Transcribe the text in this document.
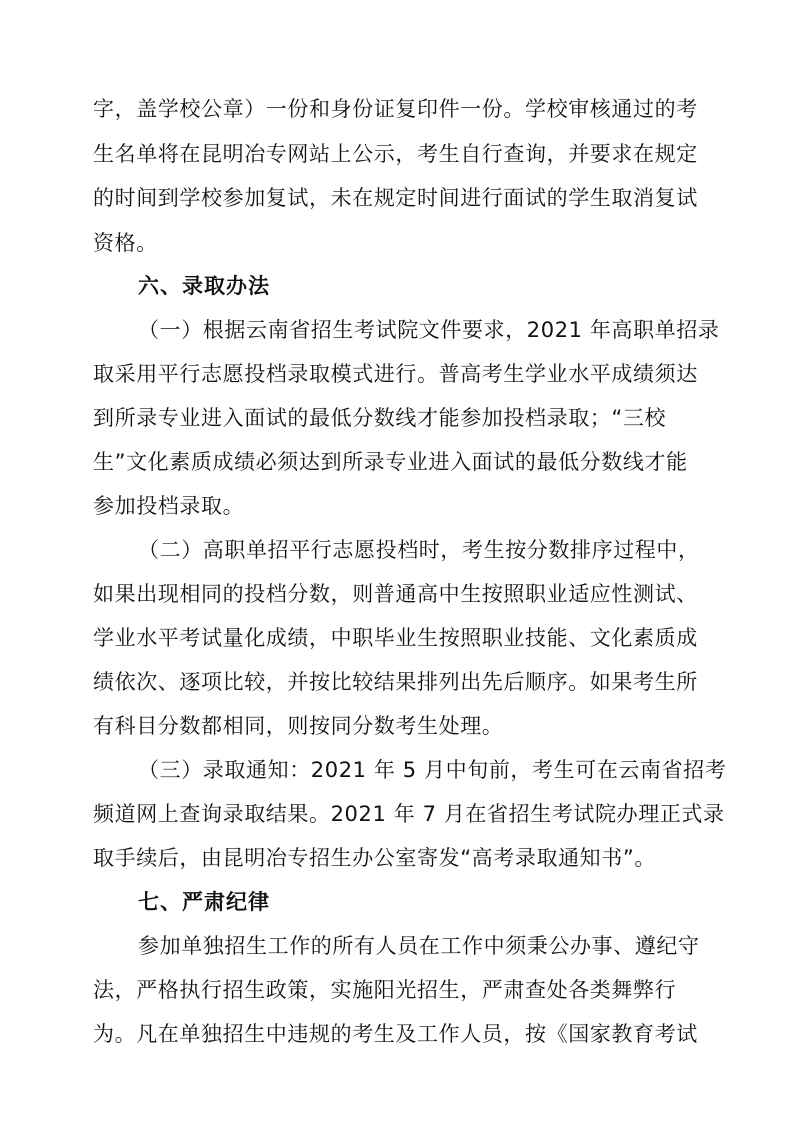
字，盖学校公章）一份和身份证复印件一份。学校审核通过的考
生名单将在昆明冶专网站上公示，考生自行查询，并要求在规定
的时间到学校参加复试，未在规定时间进行面试的学生取消复试
资格。
六、录取办法
（一）根据云南省招生考试院文件要求，2021 年高职单招录
取采用平行志愿投档录取模式进行。普高考生学业水平成绩须达
到所录专业进入面试的最低分数线才能参加投档录取；“三校
生”文化素质成绩必须达到所录专业进入面试的最低分数线才能
参加投档录取。
（二）高职单招平行志愿投档时，考生按分数排序过程中，
如果出现相同的投档分数，则普通高中生按照职业适应性测试、
学业水平考试量化成绩，中职毕业生按照职业技能、文化素质成
绩依次、逐项比较，并按比较结果排列出先后顺序。如果考生所
有科目分数都相同，则按同分数考生处理。
（三）录取通知：2021 年 5 月中旬前，考生可在云南省招考
频道网上查询录取结果。2021 年 7 月在省招生考试院办理正式录
取手续后，由昆明冶专招生办公室寄发“高考录取通知书”。
七、严肃纪律
参加单独招生工作的所有人员在工作中须秉公办事、遵纪守
法，严格执行招生政策，实施阳光招生，严肃查处各类舞弊行
为。凡在单独招生中违规的考生及工作人员，按《国家教育考试
